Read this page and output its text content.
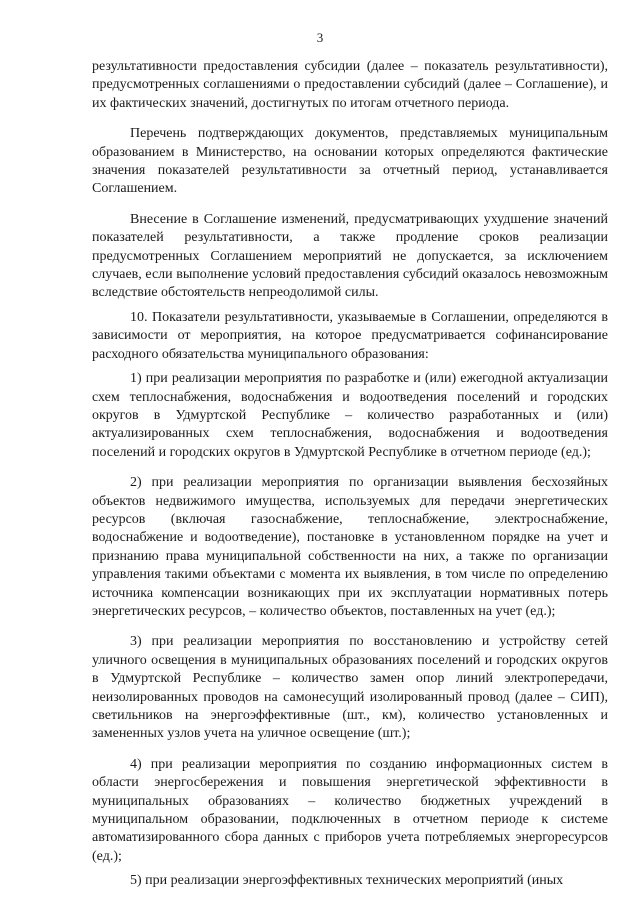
3

результативности предоставления субсидии (далее – показатель результативности), предусмотренных соглашениями о предоставлении субсидий (далее – Соглашение), и их фактических значений, достигнутых по итогам отчетного периода.

Перечень подтверждающих документов, представляемых муниципальным образованием в Министерство, на основании которых определяются фактические значения показателей результативности за отчетный период, устанавливается Соглашением.

Внесение в Соглашение изменений, предусматривающих ухудшение значений показателей результативности, а также продление сроков реализации предусмотренных Соглашением мероприятий не допускается, за исключением случаев, если выполнение условий предоставления субсидий оказалось невозможным вследствие обстоятельств непреодолимой силы.

10. Показатели результативности, указываемые в Соглашении, определяются в зависимости от мероприятия, на которое предусматривается софинансирование расходного обязательства муниципального образования:

1) при реализации мероприятия по разработке и (или) ежегодной актуализации схем теплоснабжения, водоснабжения и водоотведения поселений и городских округов в Удмуртской Республике – количество разработанных и (или) актуализированных схем теплоснабжения, водоснабжения и водоотведения поселений и городских округов в Удмуртской Республике в отчетном периоде (ед.);

2) при реализации мероприятия по организации выявления бесхозяйных объектов недвижимого имущества, используемых для передачи энергетических ресурсов (включая газоснабжение, теплоснабжение, электроснабжение, водоснабжение и водоотведение), постановке в установленном порядке на учет и признанию права муниципальной собственности на них, а также по организации управления такими объектами с момента их выявления, в том числе по определению источника компенсации возникающих при их эксплуатации нормативных потерь энергетических ресурсов, – количество объектов, поставленных на учет (ед.);

3) при реализации мероприятия по восстановлению и устройству сетей уличного освещения в муниципальных образованиях поселений и городских округов в Удмуртской Республике – количество замен опор линий электропередачи, неизолированных проводов на самонесущий изолированный провод (далее – СИП), светильников на энергоэффективные (шт., км), количество установленных и замененных узлов учета на уличное освещение (шт.);

4) при реализации мероприятия по созданию информационных систем в области энергосбережения и повышения энергетической эффективности в муниципальных образованиях – количество бюджетных учреждений в муниципальном образовании, подключенных в отчетном периоде к системе автоматизированного сбора данных с приборов учета потребляемых энергоресурсов (ед.);

5) при реализации энергоэффективных технических мероприятий (иных
